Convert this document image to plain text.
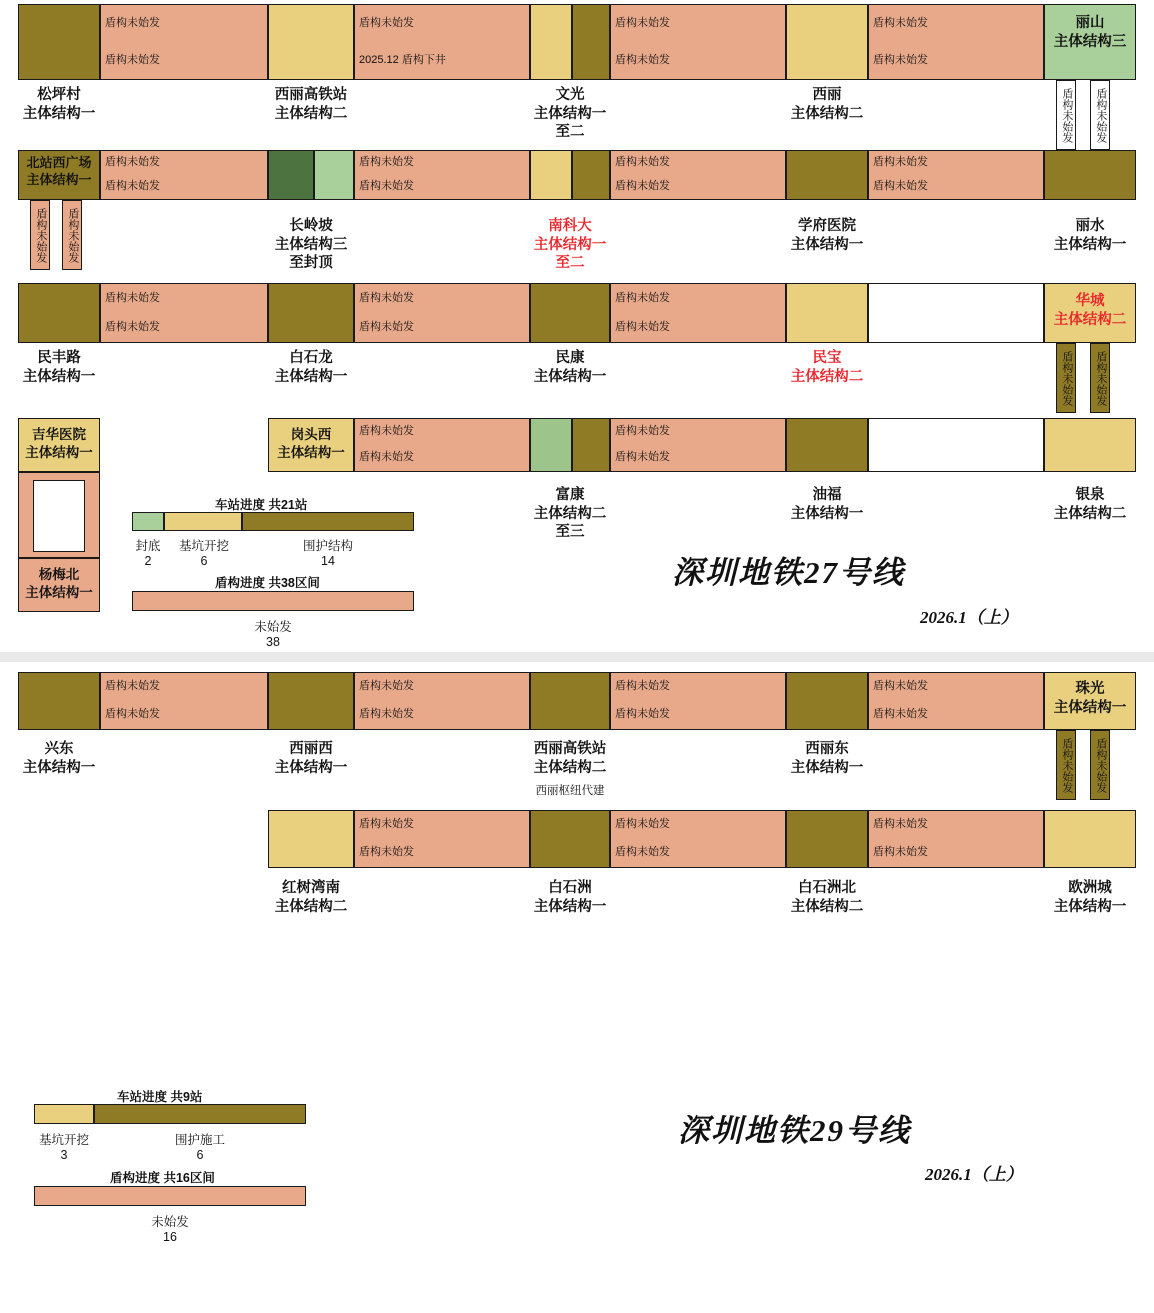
盾构未始发
盾构未始发
盾构未始发
2025.12 盾构下井
盾构未始发
盾构未始发
盾构未始发
盾构未始发
丽山
主体结构三
松坪村
主体结构一
西丽高铁站
主体结构二
文光
主体结构一
至二
西丽
主体结构二	盾构未始发 盾构未始发
北站西广场
主体结构一
盾构未始发
盾构未始发
盾构未始发
盾构未始发
盾构未始发
盾构未始发
盾构未始发
盾构未始发
盾构未始发 盾构未始发	长岭坡
主体结构三
至封顶
南科大
主体结构一
至二
学府医院
主体结构一
丽水
主体结构一
盾构未始发
盾构未始发
盾构未始发
盾构未始发
盾构未始发
盾构未始发
华城
主体结构二
民丰路
主体结构一
白石龙
主体结构一
民康
主体结构一
民宝
主体结构二	盾构未始发 盾构未始发
吉华医院
主体结构一
岗头西
主体结构一
盾构未始发
盾构未始发
盾构未始发
盾构未始发
富康
主体结构二
至三
油福
主体结构一
银泉
主体结构二
杨梅北
主体结构一
车站进度 共21站
封底
2
基坑开挖
6
围护结构
14
盾构进度 共38区间
未始发
38
深圳地铁27号线
2026.1（上）
盾构未始发
盾构未始发
盾构未始发
盾构未始发
盾构未始发
盾构未始发
盾构未始发
盾构未始发
珠光
主体结构一
兴东
主体结构一
西丽西
主体结构一
西丽高铁站
主体结构二
西丽枢纽代建
西丽东
主体结构一	盾构未始发 盾构未始发
盾构未始发
盾构未始发
盾构未始发
盾构未始发
盾构未始发
盾构未始发
红树湾南
主体结构二
白石洲
主体结构一
白石洲北
主体结构二
欧洲城
主体结构一
车站进度 共9站
基坑开挖
3
围护施工
6
盾构进度 共16区间
未始发
16
深圳地铁29号线
2026.1（上）
